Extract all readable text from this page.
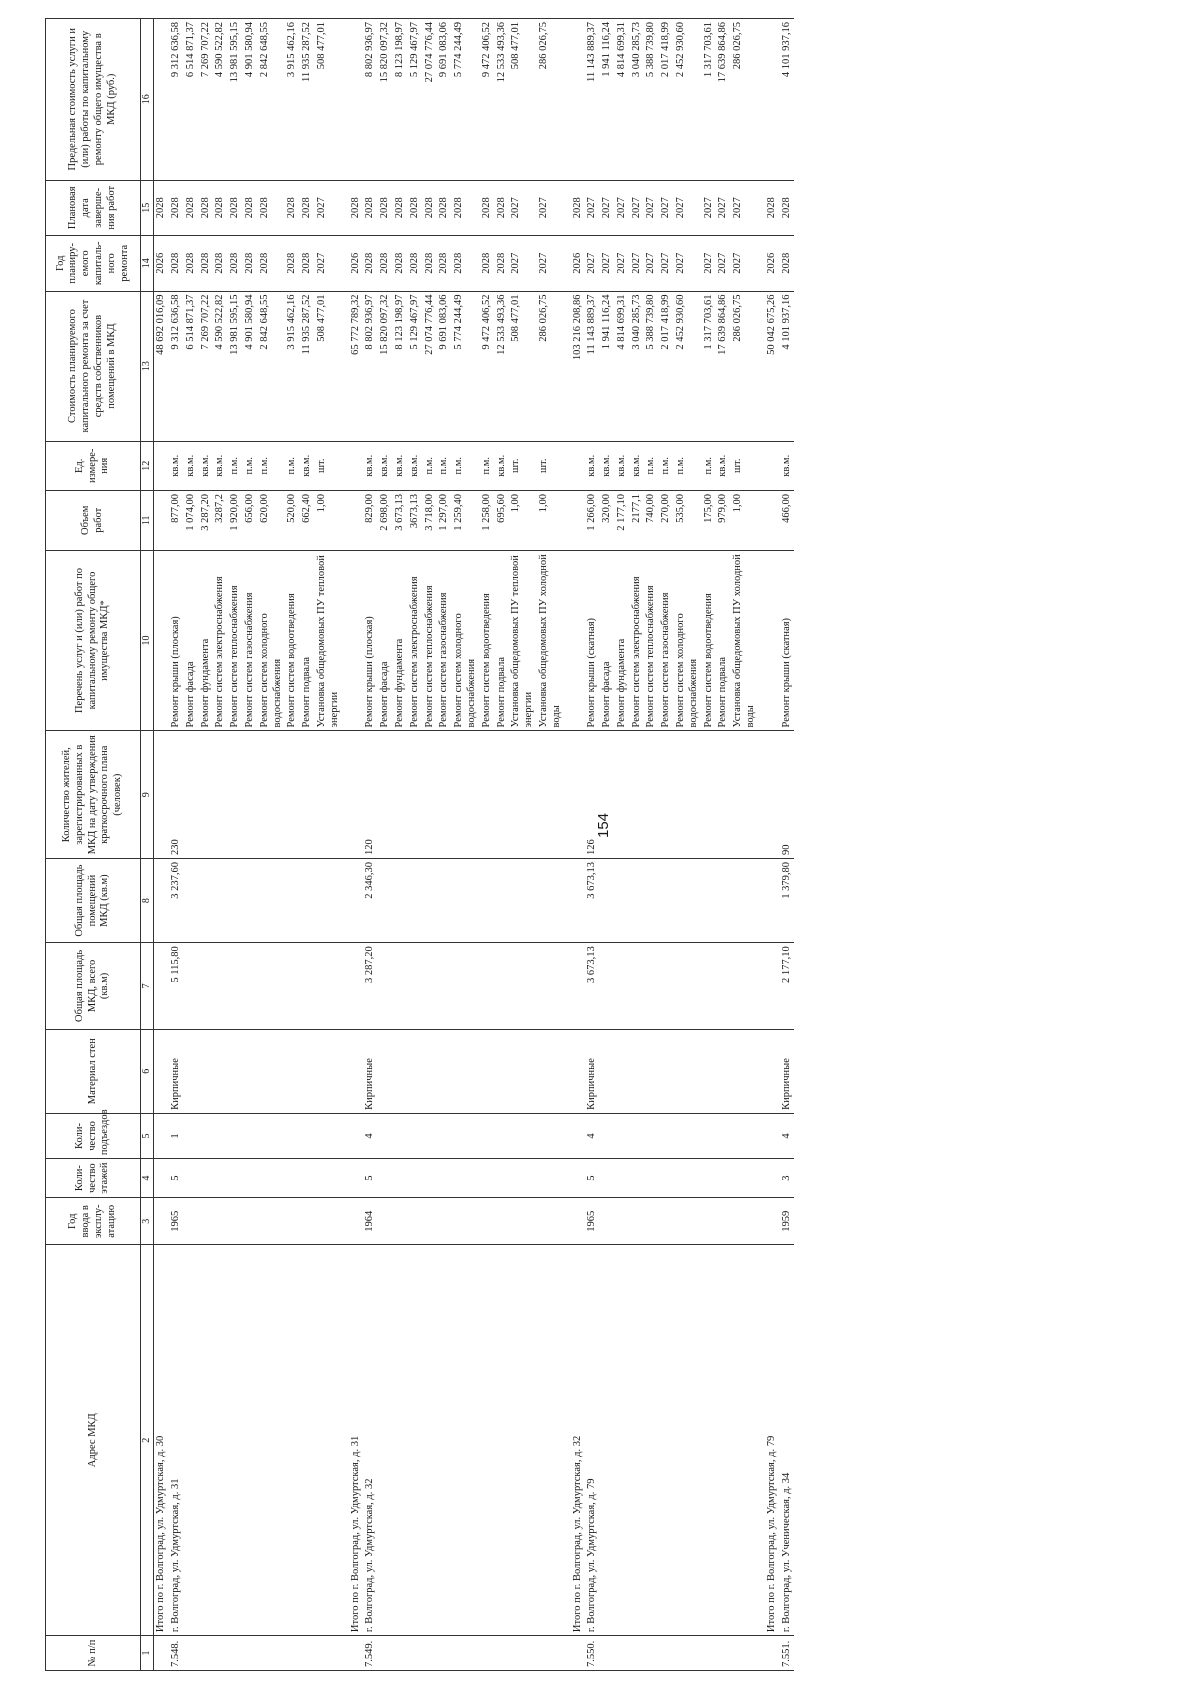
154
№ п/п	Адрес МКД	Год ввода в эксплу-атацию	Коли-чество этажей	Коли-чество подъездов	Материал стен	Общая площадь МКД, всего (кв.м)	Общая площадь помещений МКД (кв.м)	Количество жителей, зарегистрированных в МКД на дату утверждения краткосрочного плана (человек)	Перечень услуг и (или) работ по капитальному ремонту общего имущества МКД*	Объем работ	Ед. измере-ния	Стоимость планируемого капитального ремонта за счет средств собственников помещений в МКД	Год планиру-емого капиталь-ного ремонта	Плановая дата заверше-ния работ	Предельная стоимость услуги и (или) работы по капитальному ремонту общего имущества в МКД (руб.)
1	2	3	4	5	6	7	8	9	10	11	12	13	14	15	16
	Итого по г. Волгоград, ул. Удмуртская, д. 30											48 692 016,09	2026	2028	
7.548.	г. Волгоград, ул. Удмуртская, д. 31	1965	5	1	Кирпичные	5 115,80	3 237,60	230	Ремонт крыши (плоская)	877,00	кв.м.	9 312 636,58	2028	2028	9 312 636,58
									Ремонт фасада	1 074,00	кв.м.	6 514 871,37	2028	2028	6 514 871,37
									Ремонт фундамента	3 287,20	кв.м.	7 269 707,22	2028	2028	7 269 707,22
									Ремонт систем электроснабжения	3287,2	кв.м.	4 590 522,82	2028	2028	4 590 522,82
									Ремонт систем теплоснабжения	1 920,00	п.м.	13 981 595,15	2028	2028	13 981 595,15
									Ремонт систем газоснабжения	656,00	п.м.	4 901 580,94	2028	2028	4 901 580,94
									Ремонт систем холодного водоснабжения	620,00	п.м.	2 842 648,55	2028	2028	2 842 648,55
									Ремонт систем водоотведения	520,00	п.м.	3 915 462,16	2028	2028	3 915 462,16
									Ремонт подвала	662,40	кв.м.	11 935 287,52	2028	2028	11 935 287,52
									Установка общедомовых ПУ тепловой энергии	1,00	шт.	508 477,01	2027	2027	508 477,01

	Итого по г. Волгоград, ул. Удмуртская, д. 31											65 772 789,32	2026	2028	
7.549.	г. Волгоград, ул. Удмуртская, д. 32	1964	5	4	Кирпичные	3 287,20	2 346,30	120	Ремонт крыши (плоская)	829,00	кв.м.	8 802 936,97	2028	2028	8 802 936,97
									Ремонт фасада	2 698,00	кв.м.	15 820 097,32	2028	2028	15 820 097,32
									Ремонт фундамента	3 673,13	кв.м.	8 123 198,97	2028	2028	8 123 198,97
									Ремонт систем электроснабжения	3673,13	кв.м.	5 129 467,97	2028	2028	5 129 467,97
									Ремонт систем теплоснабжения	3 718,00	п.м.	27 074 776,44	2028	2028	27 074 776,44
									Ремонт систем газоснабжения	1 297,00	п.м.	9 691 083,06	2028	2028	9 691 083,06
									Ремонт систем холодного водоснабжения	1 259,40	п.м.	5 774 244,49	2028	2028	5 774 244,49
									Ремонт систем водоотведения	1 258,00	п.м.	9 472 406,52	2028	2028	9 472 406,52
									Ремонт подвала	695,60	кв.м.	12 533 493,36	2028	2028	12 533 493,36
									Установка общедомовых ПУ тепловой энергии	1,00	шт.	508 477,01	2027	2027	508 477,01
									Установка общедомовых ПУ холодной воды	1,00	шт.	286 026,75	2027	2027	286 026,75

	Итого по г. Волгоград, ул. Удмуртская, д. 32											103 216 208,86	2026	2028	
7.550.	г. Волгоград, ул. Удмуртская, д. 79	1965	5	4	Кирпичные	3 673,13	3 673,13	126	Ремонт крыши (скатная)	1 266,00	кв.м.	11 143 889,37	2027	2027	11 143 889,37
									Ремонт фасада	320,00	кв.м.	1 941 116,24	2027	2027	1 941 116,24
									Ремонт фундамента	2 177,10	кв.м.	4 814 699,31	2027	2027	4 814 699,31
									Ремонт систем электроснабжения	2177,1	кв.м.	3 040 285,73	2027	2027	3 040 285,73
									Ремонт систем теплоснабжения	740,00	п.м.	5 388 739,80	2027	2027	5 388 739,80
									Ремонт систем газоснабжения	270,00	п.м.	2 017 418,99	2027	2027	2 017 418,99
									Ремонт систем холодного водоснабжения	535,00	п.м.	2 452 930,60	2027	2027	2 452 930,60
									Ремонт систем водоотведения	175,00	п.м.	1 317 703,61	2027	2027	1 317 703,61
									Ремонт подвала	979,00	кв.м.	17 639 864,86	2027	2027	17 639 864,86
									Установка общедомовых ПУ холодной воды	1,00	шт.	286 026,75	2027	2027	286 026,75

	Итого по г. Волгоград, ул. Удмуртская, д. 79											50 042 675,26	2026	2028	
7.551.	г. Волгоград, ул. Ученическая, д. 34	1959	3	4	Кирпичные	2 177,10	1 379,80	90	Ремонт крыши (скатная)	466,00	кв.м.	4 101 937,16	2028	2028	4 101 937,16
